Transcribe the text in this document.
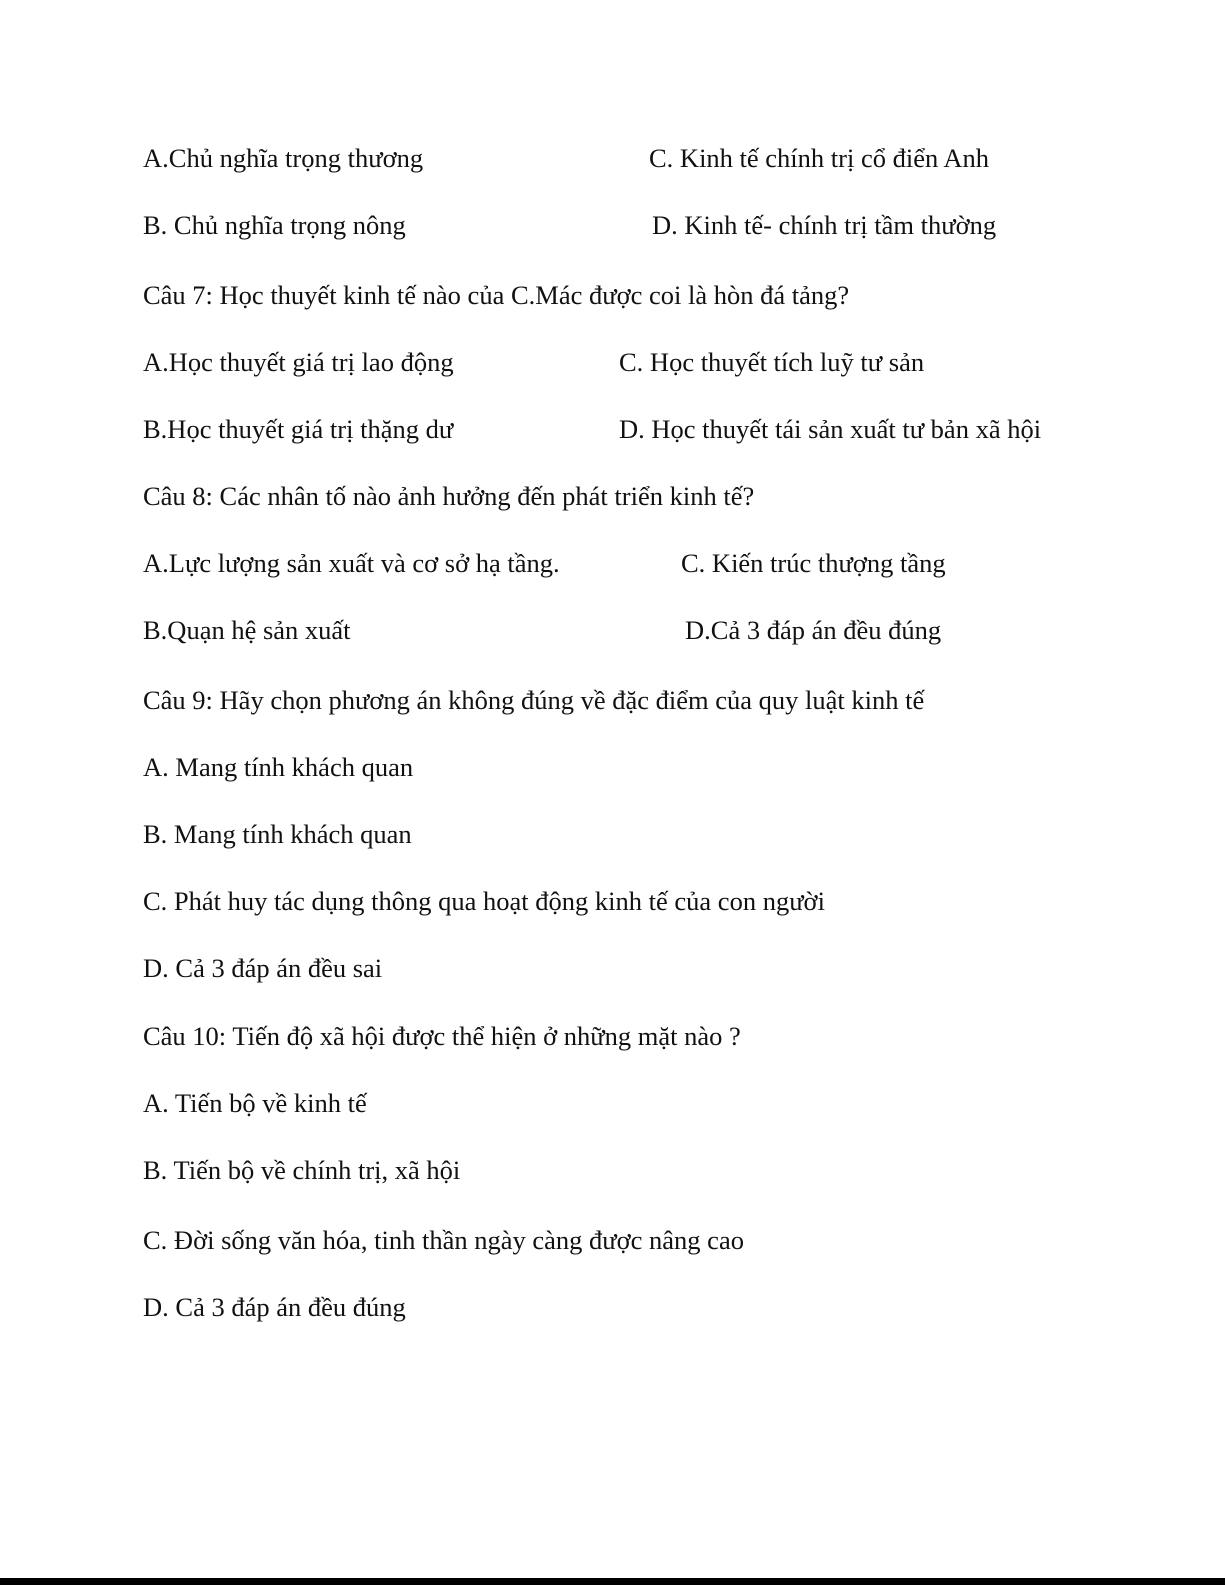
A.Chủ nghĩa trọng thương	C. Kinh tế chính trị cổ điển Anh
B. Chủ nghĩa trọng nông	D. Kinh tế- chính trị tầm thường
Câu 7: Học thuyết kinh tế nào của C.Mác được coi là hòn đá tảng?
A.Học thuyết giá trị lao động	C. Học thuyết tích luỹ tư sản
B.Học thuyết giá trị thặng dư	D. Học thuyết tái sản xuất tư bản xã hội
Câu 8: Các nhân tố nào ảnh hưởng đến phát triển kinh tế?
A.Lực lượng sản xuất và cơ sở hạ tầng.	C. Kiến trúc thượng tầng
B.Quạn hệ sản xuất	D.Cả 3 đáp án đều đúng
Câu 9: Hãy chọn phương án không đúng về đặc điểm của quy luật kinh tế
A. Mang tính khách quan
B. Mang tính khách quan
C. Phát huy tác dụng thông qua hoạt động kinh tế của con người
D. Cả 3 đáp án đều sai
Câu 10: Tiến độ xã hội được thể hiện ở những mặt nào ?
A. Tiến bộ về kinh tế
B. Tiến bộ về chính trị, xã hội
C. Đời sống văn hóa, tinh thần ngày càng được nâng cao
D. Cả 3 đáp án đều đúng
